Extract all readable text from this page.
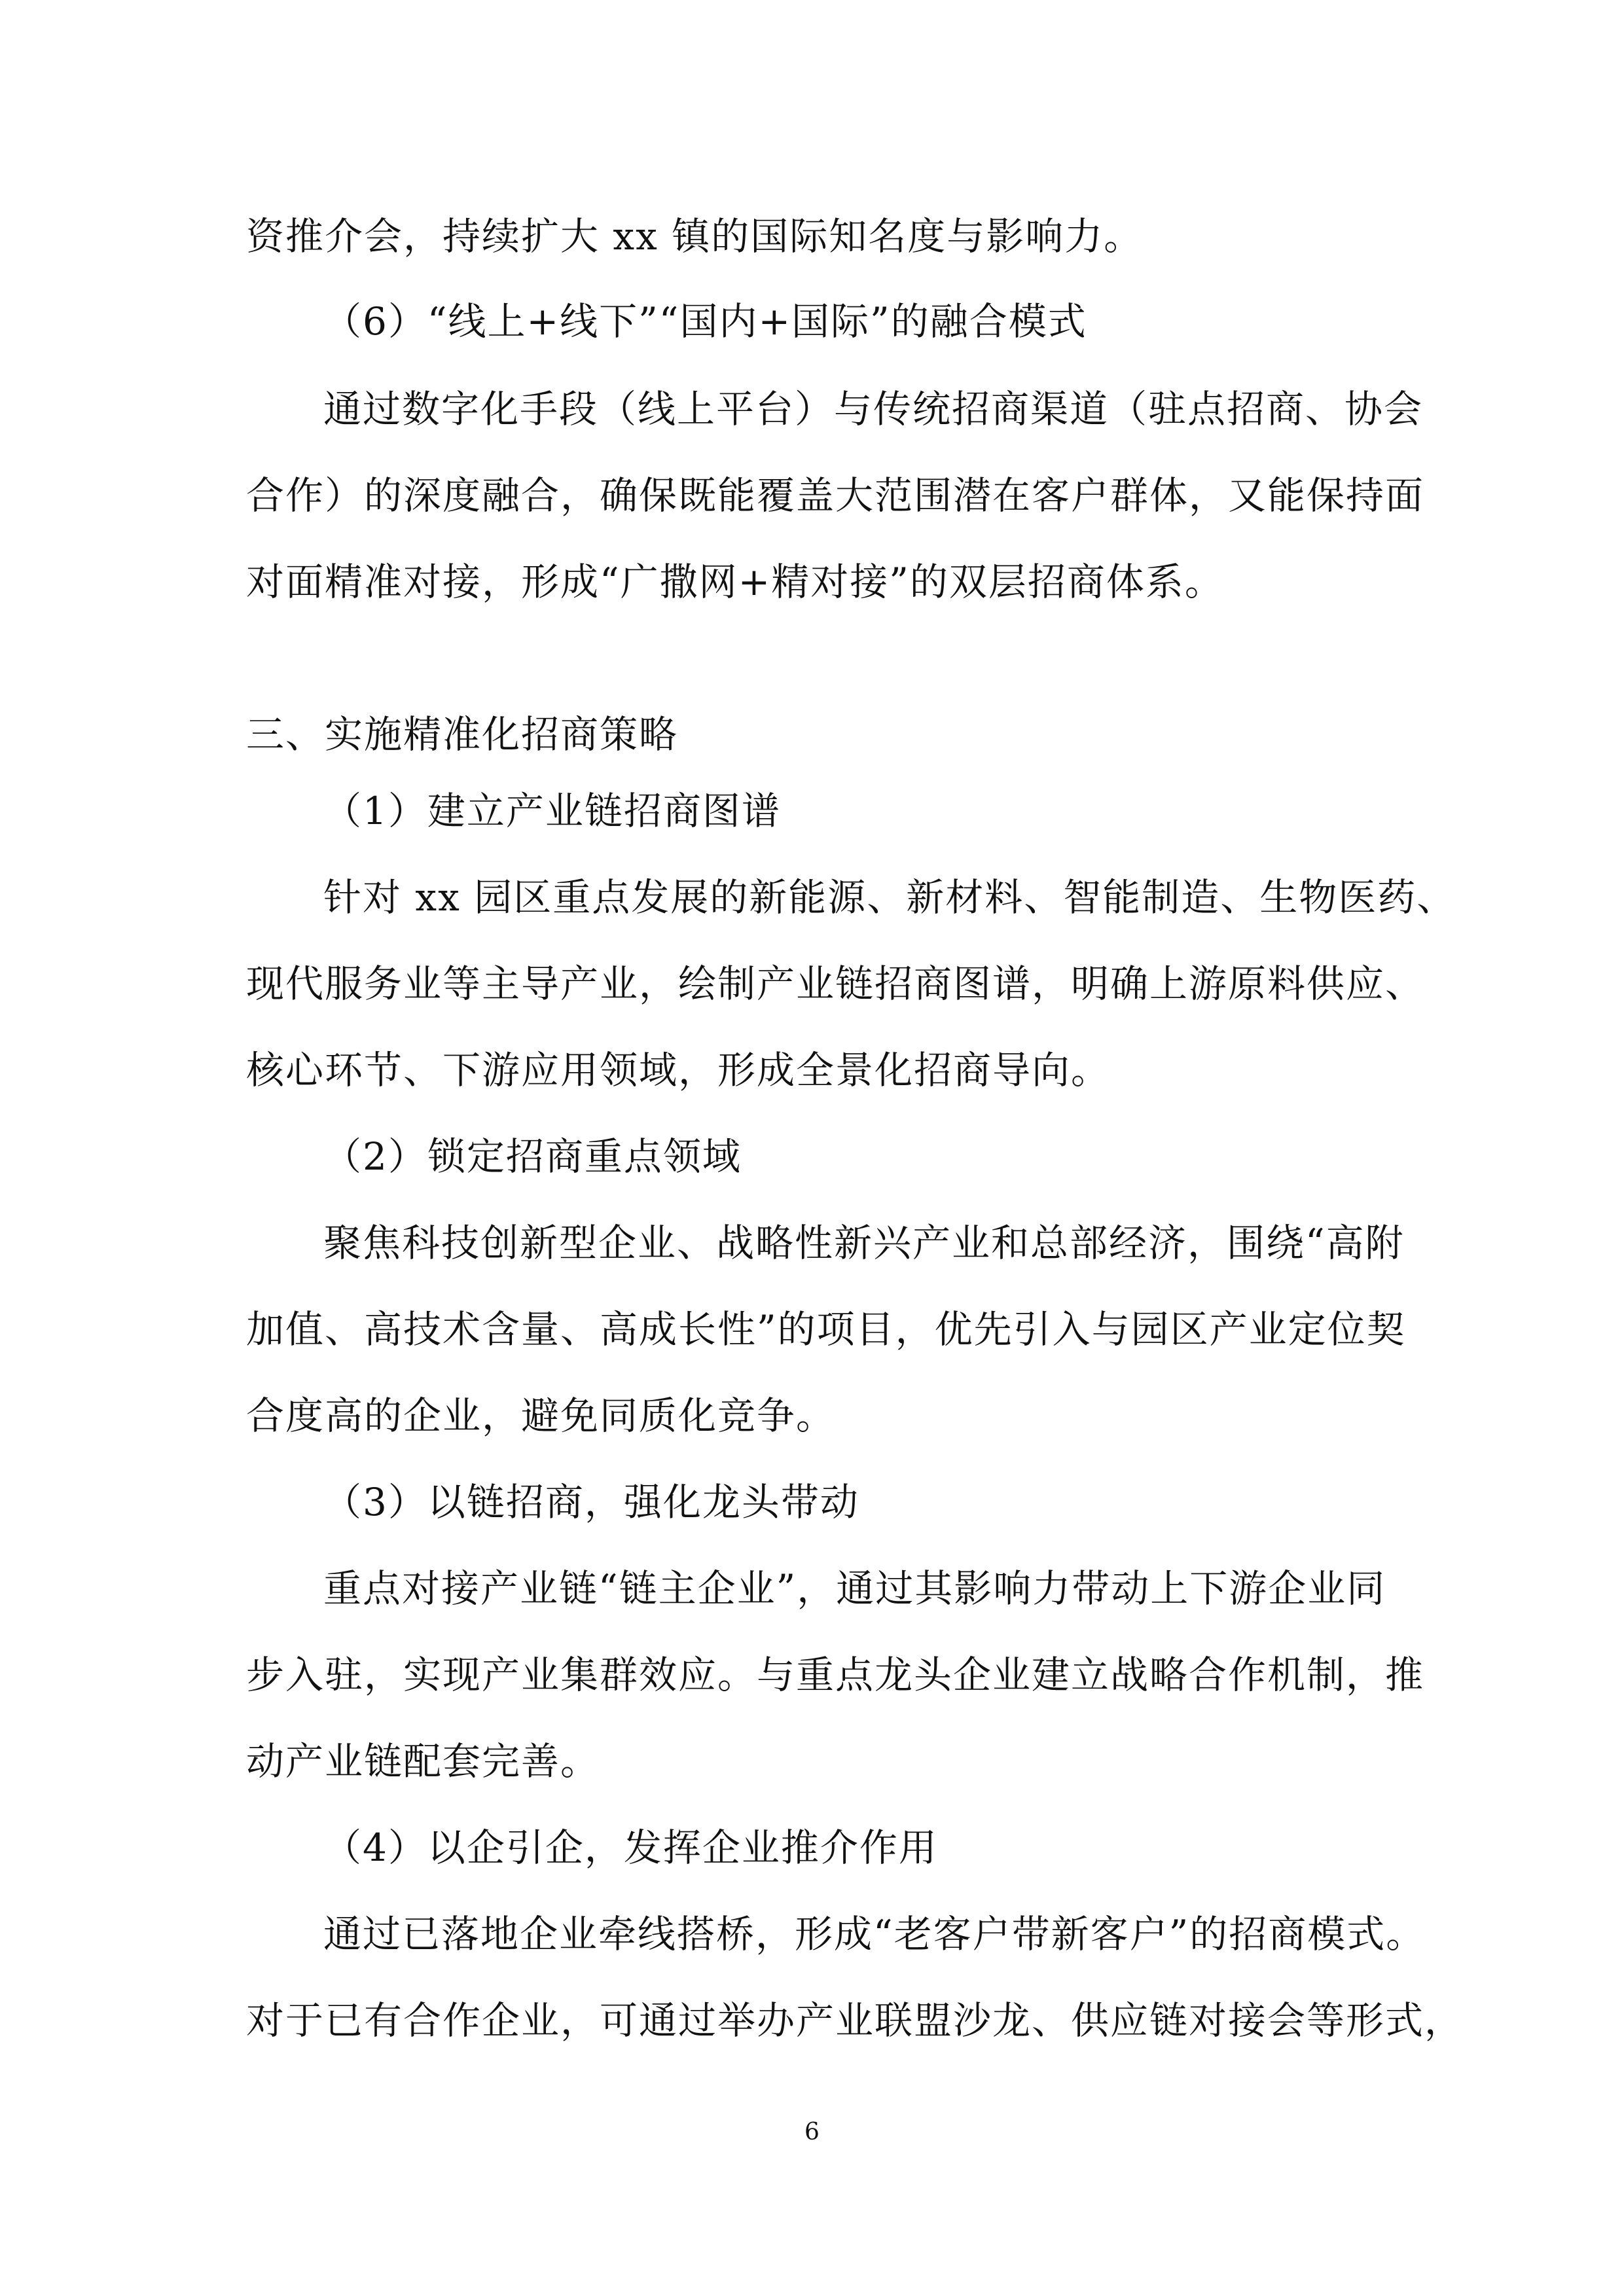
资推介会，持续扩大 xx 镇的国际知名度与影响力。
（6）“线上+线下”“国内+国际”的融合模式
通过数字化手段（线上平台）与传统招商渠道（驻点招商、协会
合作）的深度融合，确保既能覆盖大范围潜在客户群体，又能保持面
对面精准对接，形成“广撒网+精对接”的双层招商体系。
三、实施精准化招商策略
（1）建立产业链招商图谱
针对 xx 园区重点发展的新能源、新材料、智能制造、生物医药、
现代服务业等主导产业，绘制产业链招商图谱，明确上游原料供应、
核心环节、下游应用领域，形成全景化招商导向。
（2）锁定招商重点领域
聚焦科技创新型企业、战略性新兴产业和总部经济，围绕“高附
加值、高技术含量、高成长性”的项目，优先引入与园区产业定位契
合度高的企业，避免同质化竞争。
（3）以链招商，强化龙头带动
重点对接产业链“链主企业”，通过其影响力带动上下游企业同
步入驻，实现产业集群效应。与重点龙头企业建立战略合作机制，推
动产业链配套完善。
（4）以企引企，发挥企业推介作用
通过已落地企业牵线搭桥，形成“老客户带新客户”的招商模式。
对于已有合作企业，可通过举办产业联盟沙龙、供应链对接会等形式，
6
